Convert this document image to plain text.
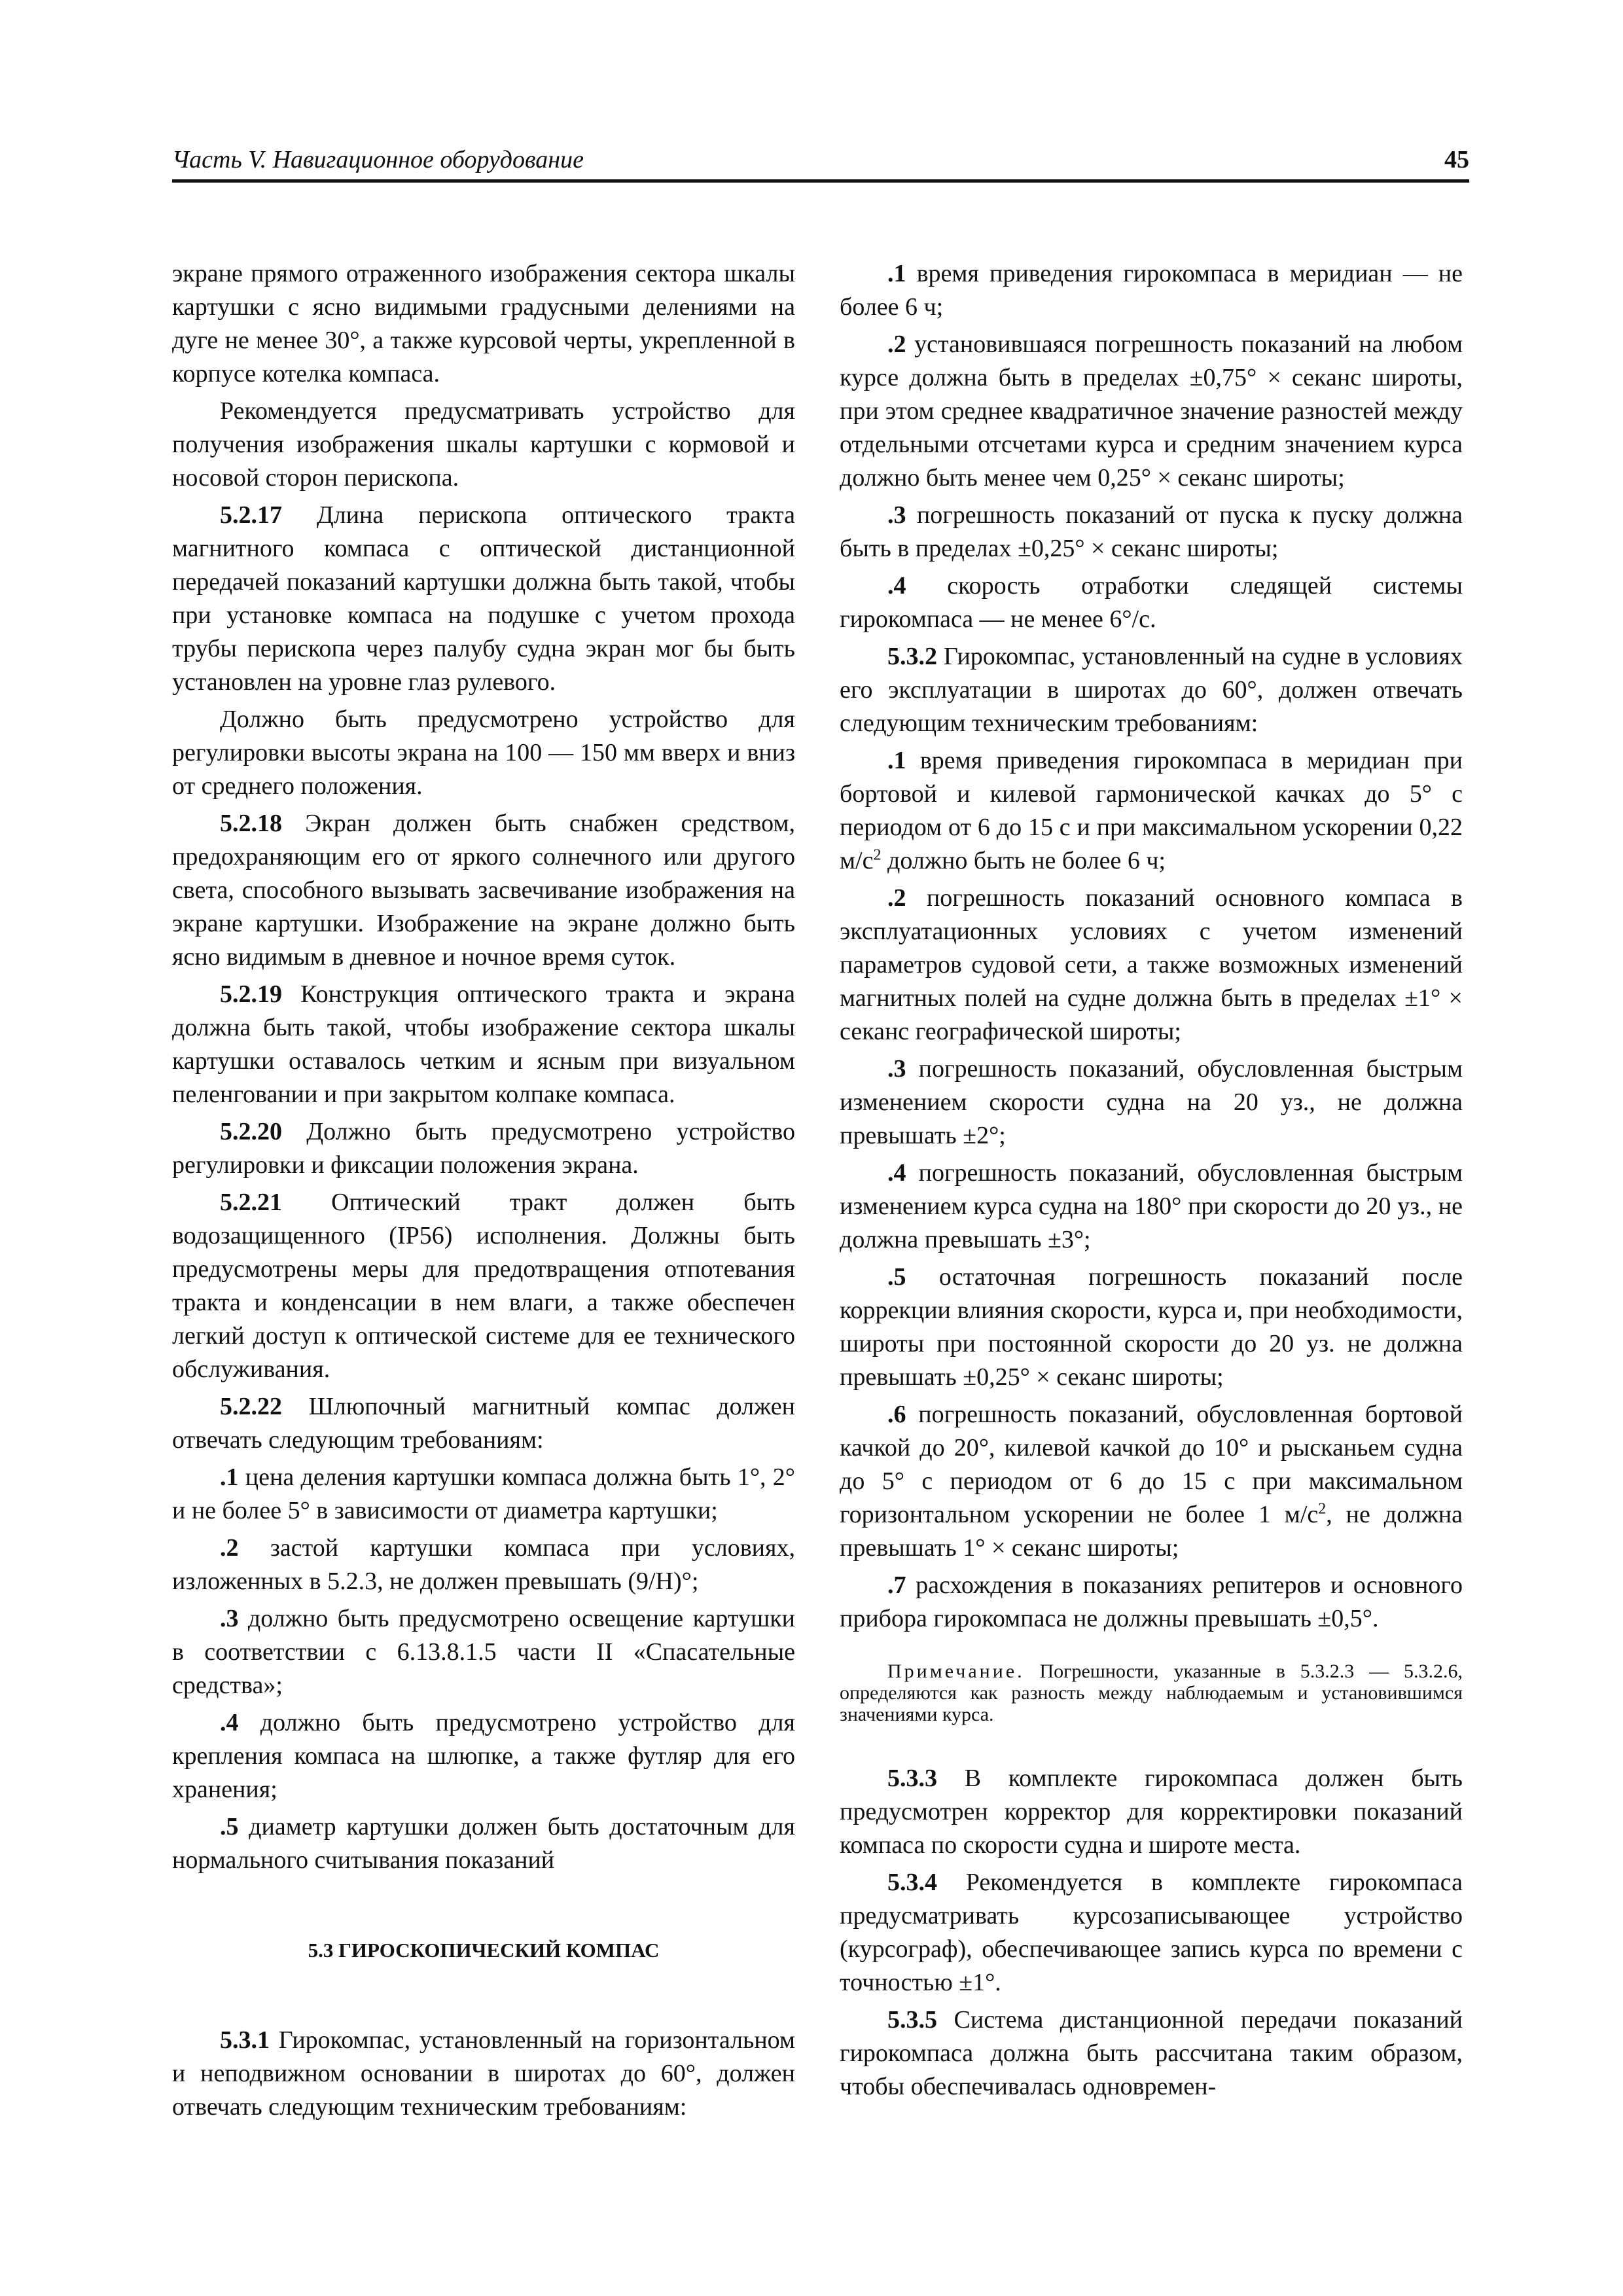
Часть V. Навигационное оборудование	45

экране прямого отраженного изображения сектора шкалы картушки с ясно видимыми градусными делениями на дуге не менее 30°, а также курсовой черты, укрепленной в корпусе котелка компаса.

Рекомендуется предусматривать устройство для получения изображения шкалы картушки с кормовой и носовой сторон перископа.

5.2.17 Длина перископа оптического тракта магнитного компаса с оптической дистанционной передачей показаний картушки должна быть такой, чтобы при установке компаса на подушке с учетом прохода трубы перископа через палубу судна экран мог бы быть установлен на уровне глаз рулевого.

Должно быть предусмотрено устройство для регулировки высоты экрана на 100 — 150 мм вверх и вниз от среднего положения.

5.2.18 Экран должен быть снабжен средством, предохраняющим его от яркого солнечного или другого света, способного вызывать засвечивание изображения на экране картушки. Изображение на экране должно быть ясно видимым в дневное и ночное время суток.

5.2.19 Конструкция оптического тракта и экрана должна быть такой, чтобы изображение сектора шкалы картушки оставалось четким и ясным при визуальном пеленговании и при закрытом колпаке компаса.

5.2.20 Должно быть предусмотрено устройство регулировки и фиксации положения экрана.

5.2.21 Оптический тракт должен быть водозащищенного (IP56) исполнения. Должны быть предусмотрены меры для предотвращения отпотевания тракта и конденсации в нем влаги, а также обеспечен легкий доступ к оптической системе для ее технического обслуживания.

5.2.22 Шлюпочный магнитный компас должен отвечать следующим требованиям:

.1 цена деления картушки компаса должна быть 1°, 2° и не более 5° в зависимости от диаметра картушки;

.2 застой картушки компаса при условиях, изложенных в 5.2.3, не должен превышать (9/H)°;

.3 должно быть предусмотрено освещение картушки в соответствии с 6.13.8.1.5 части II «Спасательные средства»;

.4 должно быть предусмотрено устройство для крепления компаса на шлюпке, а также футляр для его хранения;

.5 диаметр картушки должен быть достаточным для нормального считывания показаний

5.3 ГИРОСКОПИЧЕСКИЙ КОМПАС

5.3.1 Гирокомпас, установленный на горизонтальном и неподвижном основании в широтах до 60°, должен отвечать следующим техническим требованиям:

.1 время приведения гирокомпаса в меридиан — не более 6 ч;

.2 установившаяся погрешность показаний на любом курсе должна быть в пределах ±0,75° × секанс широты, при этом среднее квадратичное значение разностей между отдельными отсчетами курса и средним значением курса должно быть менее чем 0,25° × секанс широты;

.3 погрешность показаний от пуска к пуску должна быть в пределах ±0,25° × секанс широты;

.4 скорость отработки следящей системы гирокомпаса — не менее 6°/с.

5.3.2 Гирокомпас, установленный на судне в условиях его эксплуатации в широтах до 60°, должен отвечать следующим техническим требованиям:

.1 время приведения гирокомпаса в меридиан при бортовой и килевой гармонической качках до 5° с периодом от 6 до 15 с и при максимальном ускорении 0,22 $м/с^2$ должно быть не более 6 ч;

.2 погрешность показаний основного компаса в эксплуатационных условиях с учетом изменений параметров судовой сети, а также возможных изменений магнитных полей на судне должна быть в пределах ±1° × секанс географической широты;

.3 погрешность показаний, обусловленная быстрым изменением скорости судна на 20 уз., не должна превышать ±2°;

.4 погрешность показаний, обусловленная быстрым изменением курса судна на 180° при скорости до 20 уз., не должна превышать ±3°;

.5 остаточная погрешность показаний после коррекции влияния скорости, курса и, при необходимости, широты при постоянной скорости до 20 уз. не должна превышать ±0,25° × секанс широты;

.6 погрешность показаний, обусловленная бортовой качкой до 20°, килевой качкой до 10° и рысканьем судна до 5° с периодом от 6 до 15 с при максимальном горизонтальном ускорении не более 1 $м/с^2$, не должна превышать 1° × секанс широты;

.7 расхождения в показаниях репитеров и основного прибора гирокомпаса не должны превышать ±0,5°.

Примечание. Погрешности, указанные в 5.3.2.3 — 5.3.2.6, определяются как разность между наблюдаемым и установившимся значениями курса.

5.3.3 В комплекте гирокомпаса должен быть предусмотрен корректор для корректировки показаний компаса по скорости судна и широте места.

5.3.4 Рекомендуется в комплекте гирокомпаса предусматривать курсозаписывающее устройство (курсограф), обеспечивающее запись курса по времени с точностью ±1°.

5.3.5 Система дистанционной передачи показаний гирокомпаса должна быть рассчитана таким образом, чтобы обеспечивалась одновремен-
